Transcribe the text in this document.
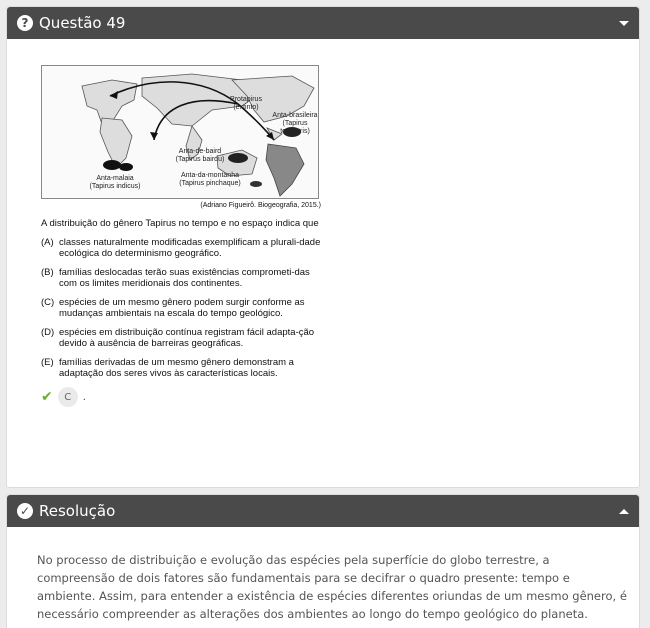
? Questão 49
Protapirus
(extinto)
Anta-brasileira
(Tapirus terrestris)
Anta-de-baird
(Tapirus bairdu)
Anta-da-montanha
(Tapirus pinchaque)
Anta-malaia
(Tapirus indicus)
(Adriano Figueirô. Biogeografia, 2015.)
A distribuição do gênero Tapirus no tempo e no espaço indica que
(A) classes naturalmente modificadas exemplificam a plurali-dade ecológica do determinismo geográfico.
(B) famílias deslocadas terão suas existências comprometi-das com os limites meridionais dos continentes.
(C) espécies de um mesmo gênero podem surgir conforme as mudanças ambientais na escala do tempo geológico.
(D) espécies em distribuição contínua registram fácil adapta-ção devido à ausência de barreiras geográficas.
(E) famílias derivadas de um mesmo gênero demonstram a adaptação dos seres vivos às características locais.
✔	C	.
✓ Resolução
No processo de distribuição e evolução das espécies pela superfície do globo terrestre, a compreensão de dois fatores são fundamentais para se decifrar o quadro presente: tempo e ambiente. Assim, para entender a existência de espécies diferentes oriundas de um mesmo gênero, é necessário compreender as alterações dos ambientes ao longo do tempo geológico do planeta.
